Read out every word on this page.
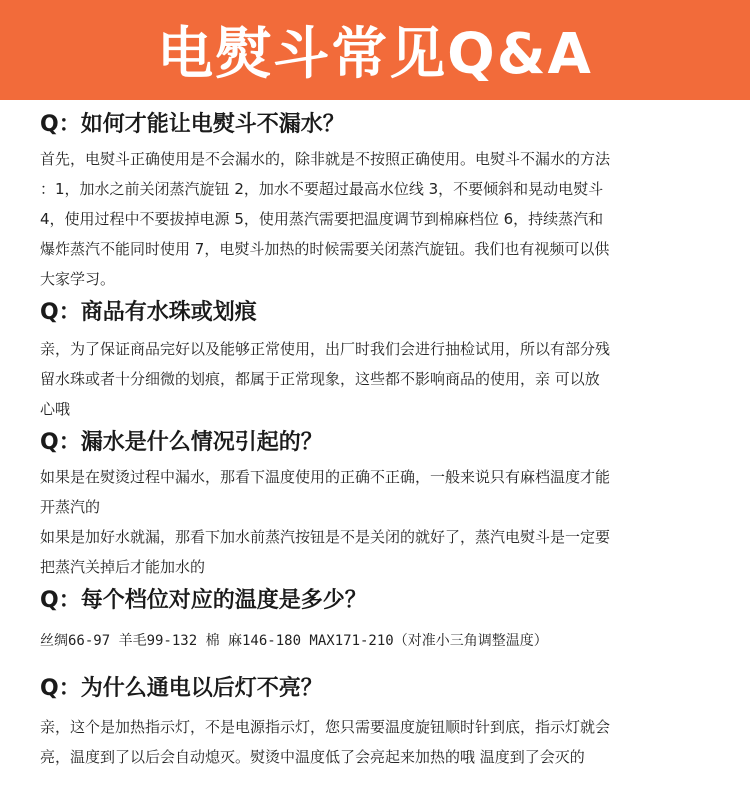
电熨斗常见Q&A

Q：如何才能让电熨斗不漏水？

首先，电熨斗正确使用是不会漏水的，除非就是不按照正确使用。电熨斗不漏水的方法
：1，加水之前关闭蒸汽旋钮 2，加水不要超过最高水位线 3，不要倾斜和晃动电熨斗
4，使用过程中不要拔掉电源 5，使用蒸汽需要把温度调节到棉麻档位 6，持续蒸汽和
爆炸蒸汽不能同时使用 7，电熨斗加热的时候需要关闭蒸汽旋钮。我们也有视频可以供
大家学习。

Q：商品有水珠或划痕

亲，为了保证商品完好以及能够正常使用，出厂时我们会进行抽检试用，所以有部分残
留水珠或者十分细微的划痕，都属于正常现象，这些都不影响商品的使用，亲 可以放
心哦

Q：漏水是什么情况引起的？

如果是在熨烫过程中漏水，那看下温度使用的正确不正确，一般来说只有麻档温度才能
开蒸汽的
如果是加好水就漏，那看下加水前蒸汽按钮是不是关闭的就好了，蒸汽电熨斗是一定要
把蒸汽关掉后才能加水的

Q：每个档位对应的温度是多少？

丝绸66-97 羊毛99-132 棉 麻146-180 MAX171-210（对准小三角调整温度）

Q：为什么通电以后灯不亮？

亲，这个是加热指示灯，不是电源指示灯，您只需要温度旋钮顺时针到底，指示灯就会
亮，温度到了以后会自动熄灭。熨烫中温度低了会亮起来加热的哦 温度到了会灭的
